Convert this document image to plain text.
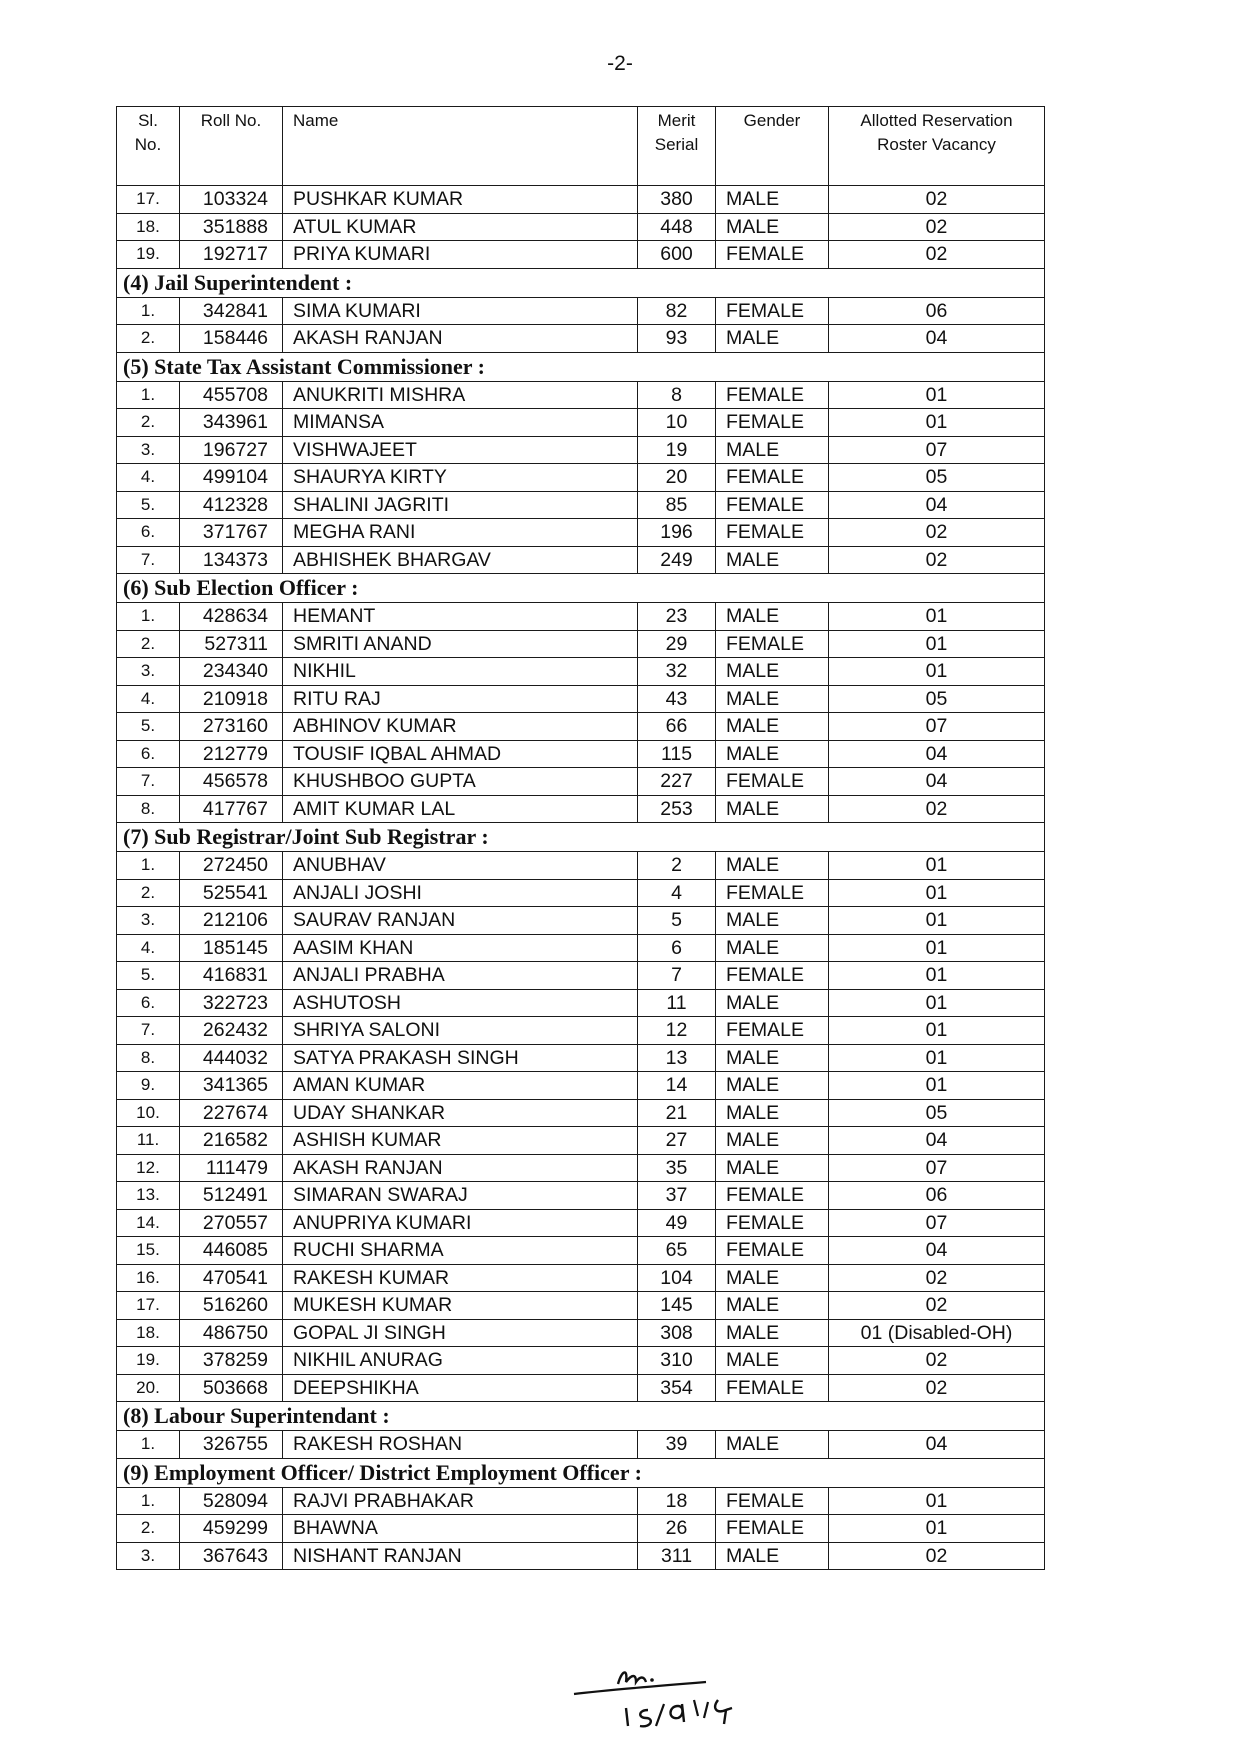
-2-
Sl. No.	Roll No.	Name	Merit Serial	Gender	Allotted Reservation Roster Vacancy
17.	103324	PUSHKAR KUMAR	380	MALE	02
18.	351888	ATUL KUMAR	448	MALE	02
19.	192717	PRIYA KUMARI	600	FEMALE	02
(4) Jail Superintendent :					
1.	342841	SIMA KUMARI	82	FEMALE	06
2.	158446	AKASH RANJAN	93	MALE	04
(5) State Tax Assistant Commissioner :					
1.	455708	ANUKRITI MISHRA	8	FEMALE	01
2.	343961	MIMANSA	10	FEMALE	01
3.	196727	VISHWAJEET	19	MALE	07
4.	499104	SHAURYA KIRTY	20	FEMALE	05
5.	412328	SHALINI JAGRITI	85	FEMALE	04
6.	371767	MEGHA RANI	196	FEMALE	02
7.	134373	ABHISHEK BHARGAV	249	MALE	02
(6) Sub Election Officer :					
1.	428634	HEMANT	23	MALE	01
2.	527311	SMRITI ANAND	29	FEMALE	01
3.	234340	NIKHIL	32	MALE	01
4.	210918	RITU RAJ	43	MALE	05
5.	273160	ABHINOV KUMAR	66	MALE	07
6.	212779	TOUSIF IQBAL AHMAD	115	MALE	04
7.	456578	KHUSHBOO GUPTA	227	FEMALE	04
8.	417767	AMIT KUMAR LAL	253	MALE	02
(7) Sub Registrar/Joint Sub Registrar :					
1.	272450	ANUBHAV	2	MALE	01
2.	525541	ANJALI JOSHI	4	FEMALE	01
3.	212106	SAURAV RANJAN	5	MALE	01
4.	185145	AASIM KHAN	6	MALE	01
5.	416831	ANJALI PRABHA	7	FEMALE	01
6.	322723	ASHUTOSH	11	MALE	01
7.	262432	SHRIYA SALONI	12	FEMALE	01
8.	444032	SATYA PRAKASH SINGH	13	MALE	01
9.	341365	AMAN KUMAR	14	MALE	01
10.	227674	UDAY SHANKAR	21	MALE	05
11.	216582	ASHISH KUMAR	27	MALE	04
12.	111479	AKASH RANJAN	35	MALE	07
13.	512491	SIMARAN SWARAJ	37	FEMALE	06
14.	270557	ANUPRIYA KUMARI	49	FEMALE	07
15.	446085	RUCHI SHARMA	65	FEMALE	04
16.	470541	RAKESH KUMAR	104	MALE	02
17.	516260	MUKESH KUMAR	145	MALE	02
18.	486750	GOPAL JI SINGH	308	MALE	01 (Disabled-OH)
19.	378259	NIKHIL ANURAG	310	MALE	02
20.	503668	DEEPSHIKHA	354	FEMALE	02
(8) Labour Superintendant :					
1.	326755	RAKESH ROSHAN	39	MALE	04
(9) Employment Officer/ District Employment Officer :					
1.	528094	RAJVI PRABHAKAR	18	FEMALE	01
2.	459299	BHAWNA	26	FEMALE	01
3.	367643	NISHANT RANJAN	311	MALE	02
